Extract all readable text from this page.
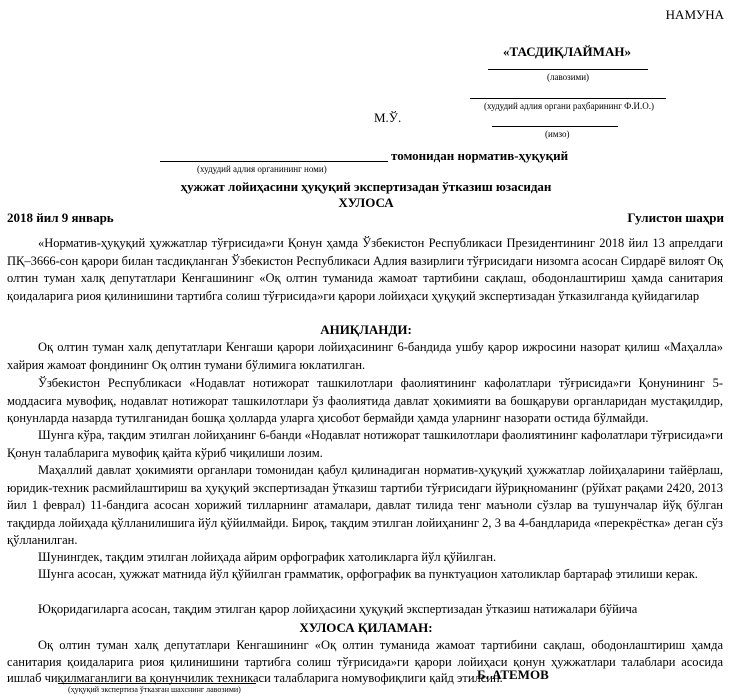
НАМУНА
«ТАСДИҚЛАЙМАН»
(лавозими)
(худудий адлия органи раҳбарининг Ф.И.О.)
М.Ў.
(имзо)
томонидан норматив-ҳуқуқий
(худудий адлия органининг номи)
ҳужжат лойиҳасини ҳуқуқий экспертизадан ўтказиш юзасидан
ХУЛОСА
2018 йил 9 январь	Гулистон шаҳри

«Норматив-ҳуқуқий ҳужжатлар тўғрисида»ги Қонун ҳамда Ўзбекистон Республикаси Президентининг 2018 йил 13 апрелдаги ПҚ–3666-сон қарори билан тасдиқланган Ўзбекистон Республикаси Адлия вазирлиги тўғрисидаги низомга асосан Сирдарё вилоят Оқ олтин туман халқ депутатлари Кенгашининг «Оқ олтин туманида жамоат тартибини сақлаш, ободонлаштириш ҳамда санитария қоидаларига риоя қилинишини тартибга солиш тўғрисида»ги қарори лойиҳаси ҳуқуқий экспертизадан ўтказилганда қуйидагилар

АНИҚЛАНДИ:

Оқ олтин туман халқ депутатлари Кенгаши қарори лойиҳасининг 6-бандида ушбу қарор ижросини назорат қилиш «Маҳалла» хайрия жамоат фондининг Оқ олтин тумани бўлимига юклатилган.

Ўзбекистон Республикаси «Нодавлат нотижорат ташкилотлари фаолиятининг кафолатлари тўғрисида»ги Қонунининг 5-моддасига мувофиқ, нодавлат нотижорат ташкилотлари ўз фаолиятида давлат ҳокимияти ва бошқаруви органларидан мустақилдир, қонунларда назарда тутилганидан бошқа ҳолларда уларга ҳисобот бермайди ҳамда уларнинг назорати остида бўлмайди.

Шунга кўра, тақдим этилган лойиҳанинг 6-банди «Нодавлат нотижорат ташкилотлари фаолиятининг кафолатлари тўғрисида»ги Қонун талабларига мувофиқ қайта кўриб чиқилиши лозим.

Маҳаллий давлат ҳокимияти органлари томонидан қабул қилинадиган норматив-ҳуқуқий ҳужжатлар лойиҳаларини тайёрлаш, юридик-техник расмийлаштириш ва ҳуқуқий экспертизадан ўтказиш тартиби тўғрисидаги йўриқноманинг (рўйхат рақами 2420, 2013 йил 1 феврал) 11-бандига асосан хорижий тилларнинг атамалари, давлат тилида тенг маъноли сўзлар ва тушунчалар йўқ бўлган тақдирда лойиҳада қўлланилишига йўл қўйилмайди. Бироқ, тақдим этилган лойиҳанинг 2, 3 ва 4-бандларида «перекрёстка» деган сўз қўлланилган.

Шунингдек, тақдим этилган лойиҳада айрим орфографик хатоликларга йўл қўйилган.

Шунга асосан, ҳужжат матнида йўл қўйилган грамматик, орфографик ва пунктуацион хатоликлар бартараф этилиши керак.

Юқоридагиларга асосан, тақдим этилган қарор лойиҳасини ҳуқуқий экспертизадан ўтказиш натижалари бўйича

ХУЛОСА ҚИЛАМАН:

Оқ олтин туман халқ депутатлари Кенгашининг «Оқ олтин туманида жамоат тартибини сақлаш, ободонлаштириш ҳамда санитария қоидаларига риоя қилинишини тартибга солиш тўғрисида»ги қарори лойиҳаси қонун ҳужжатлари талаблари асосида ишлаб чиқилмаганлиги ва қонунчилик техникаси талабларига номувофиқлиги қайд этилсин.

(ҳуқуқий экспертиза ўтказган шахснинг лавозими)
Б. АТЕМОВ
